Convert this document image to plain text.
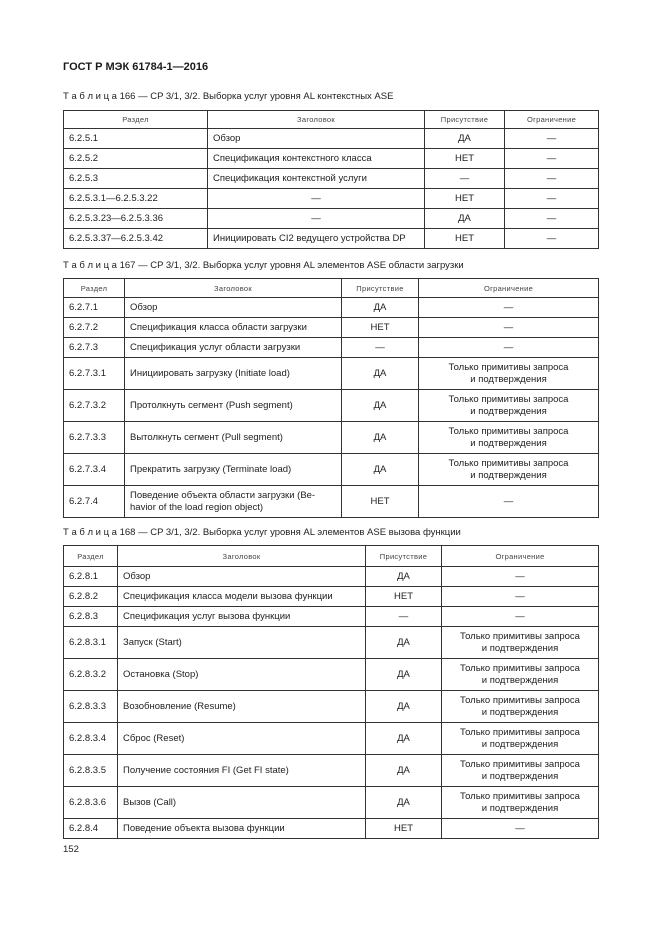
ГОСТ Р МЭК 61784-1—2016
Т а б л и ц а 166 — CP 3/1, 3/2. Выборка услуг уровня AL контекстных ASE
Раздел	Заголовок	Присутствие	Ограничение
6.2.5.1	Обзор	ДА	—
6.2.5.2	Спецификация контекстного класса	НЕТ	—
6.2.5.3	Спецификация контекстной услуги	—	—
6.2.5.3.1—6.2.5.3.22	—	НЕТ	—
6.2.5.3.23—6.2.5.3.36	—	ДА	—
6.2.5.3.37—6.2.5.3.42	Инициировать CI2 ведущего устройства DP	НЕТ	—
Т а б л и ц а 167 — CP 3/1, 3/2. Выборка услуг уровня AL элементов ASE области загрузки
Раздел	Заголовок	Присутствие	Ограничение
6.2.7.1	Обзор	ДА	—
6.2.7.2	Спецификация класса области загрузки	НЕТ	—
6.2.7.3	Спецификация услуг области загрузки	—	—
6.2.7.3.1	Инициировать загрузку (Initiate load)	ДА	Только примитивы запроса
и подтверждения
6.2.7.3.2	Протолкнуть сегмент (Push segment)	ДА	Только примитивы запроса
и подтверждения
6.2.7.3.3	Вытолкнуть сегмент (Pull segment)	ДА	Только примитивы запроса
и подтверждения
6.2.7.3.4	Прекратить загрузку (Terminate load)	ДА	Только примитивы запроса
и подтверждения
6.2.7.4	Поведение объекта области загрузки (Be-
havior of the load region object)	НЕТ	—
Т а б л и ц а 168 — CP 3/1, 3/2. Выборка услуг уровня AL элементов ASE вызова функции
Раздел	Заголовок	Присутствие	Ограничение
6.2.8.1	Обзор	ДА	—
6.2.8.2	Спецификация класса модели вызова функции	НЕТ	—
6.2.8.3	Спецификация услуг вызова функции	—	—
6.2.8.3.1	Запуск (Start)	ДА	Только примитивы запроса
и подтверждения
6.2.8.3.2	Остановка (Stop)	ДА	Только примитивы запроса
и подтверждения
6.2.8.3.3	Возобновление (Resume)	ДА	Только примитивы запроса
и подтверждения
6.2.8.3.4	Сброс (Reset)	ДА	Только примитивы запроса
и подтверждения
6.2.8.3.5	Получение состояния FI (Get FI state)	ДА	Только примитивы запроса
и подтверждения
6.2.8.3.6	Вызов (Call)	ДА	Только примитивы запроса
и подтверждения
6.2.8.4	Поведение объекта вызова функции	НЕТ	—
152
